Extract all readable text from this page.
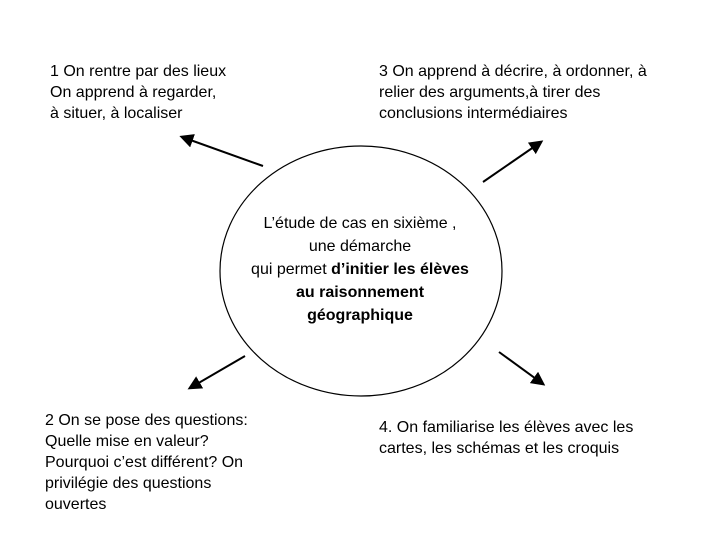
1 On rentre par des lieux
On apprend à regarder,
à situer, à localiser
3 On apprend à décrire, à ordonner, à
relier des arguments,à tirer des
conclusions intermédiaires
2 On se pose des questions:
Quelle mise en valeur?
Pourquoi c’est différent? On
privilégie des questions
ouvertes
4. On familiarise les élèves avec les
cartes, les schémas et les croquis
L’étude de cas en sixième ,
une démarche
qui permet d’initier les élèves
au raisonnement
géographique
